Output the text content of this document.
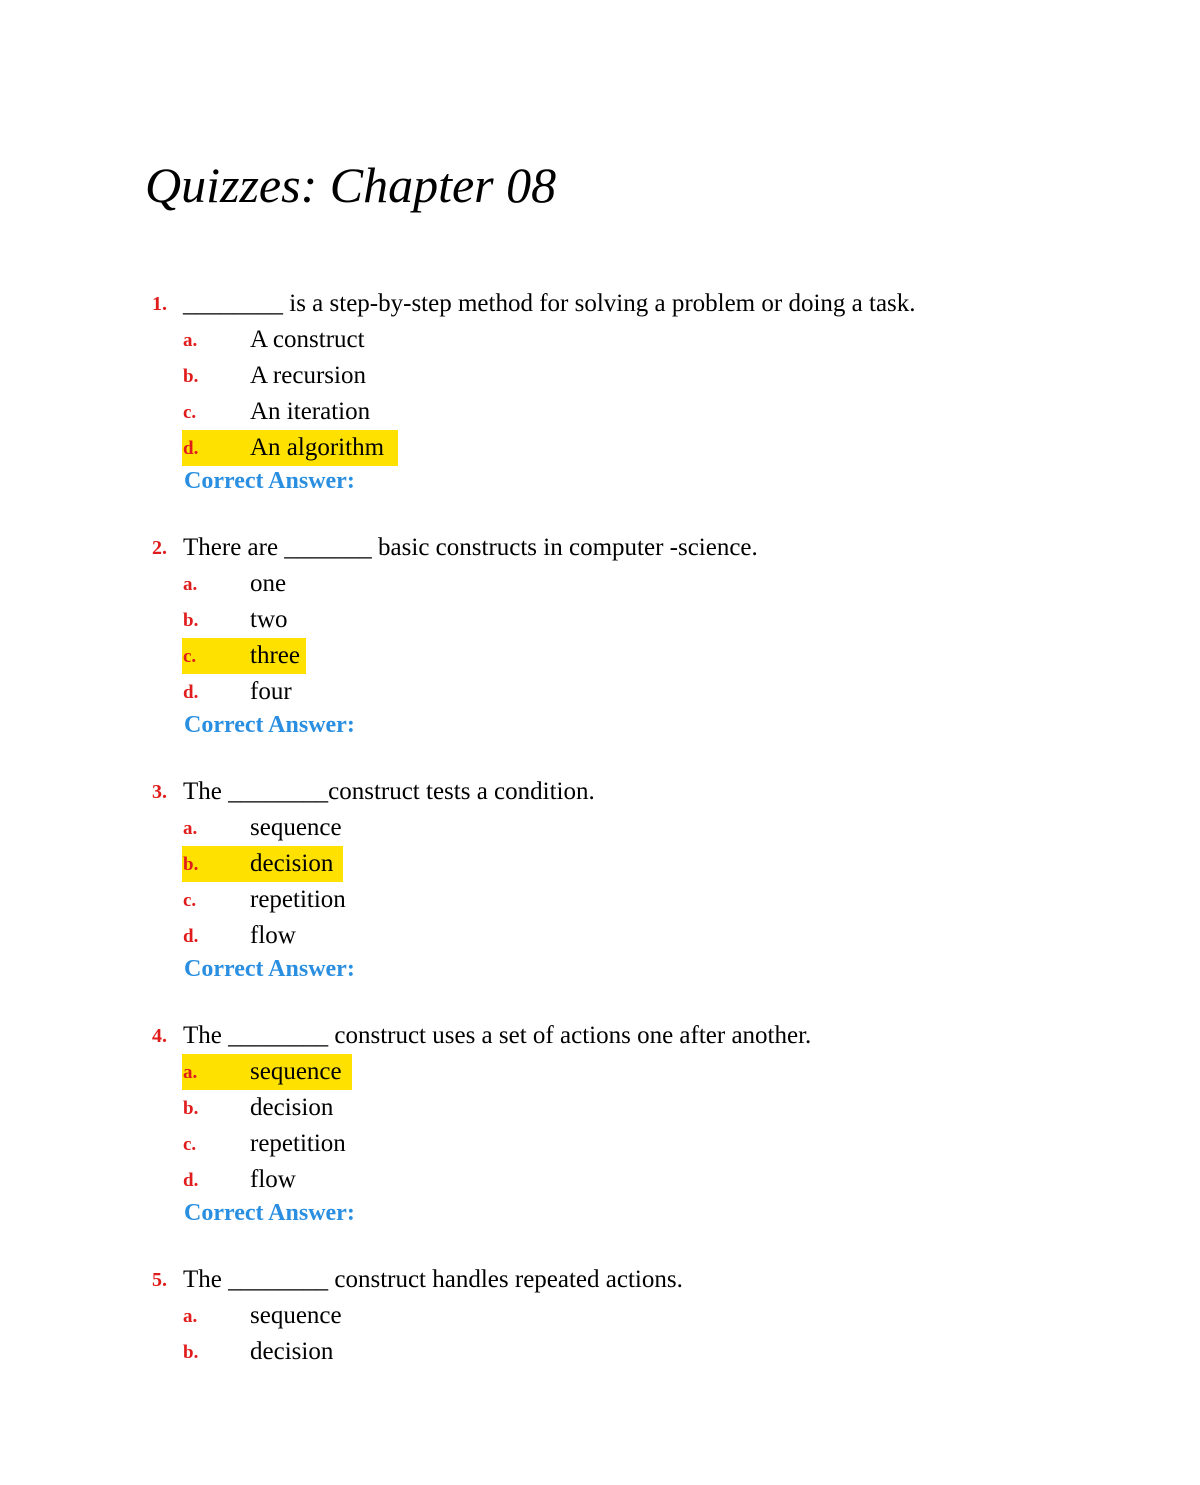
Quizzes: Chapter 08
1. ________ is a step-by-step method for solving a problem or doing a task.
a. A construct
b. A recursion
c. An iteration
d. An algorithm
Correct Answer:
2. There are _______ basic constructs in computer -science.
a. one
b. two
c. three
d. four
Correct Answer:
3. The ________construct tests a condition.
a. sequence
b. decision
c. repetition
d. flow
Correct Answer:
4. The ________ construct uses a set of actions one after another.
a. sequence
b. decision
c. repetition
d. flow
Correct Answer:
5. The ________ construct handles repeated actions.
a. sequence
b. decision
